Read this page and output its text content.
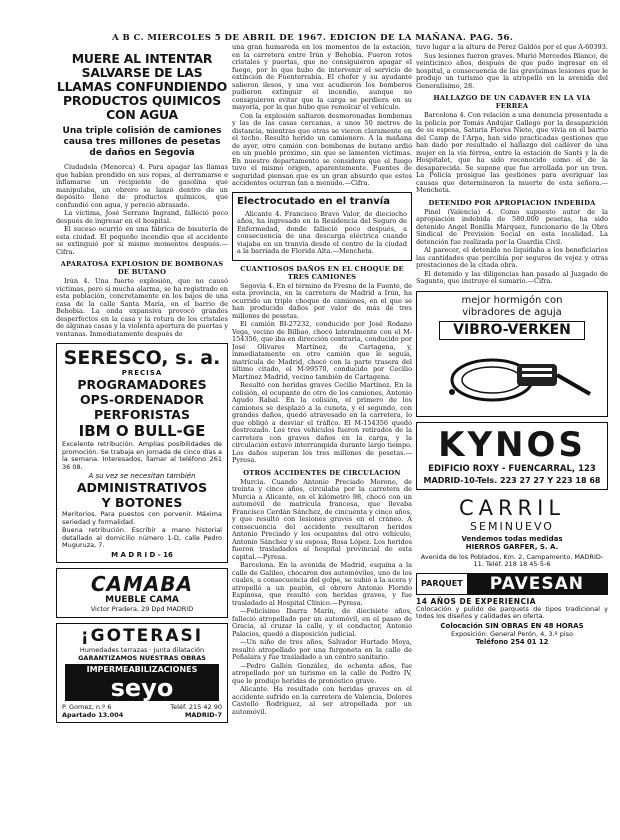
A B C. MIERCOLES 5 DE ABRIL DE 1967. EDICION DE LA MAÑANA. PAG. 56.
MUERE AL INTENTAR SALVARSE DE LAS LLAMAS CONFUNDIENDO PRODUCTOS QUIMICOS CON AGUA
Una triple colisión de camiones causa tres millones de pesetas de daños en Segovia

Ciudadela (Menorca) 4. Para apagar las llamas que habían prendido en sus ropas, al derramarse e inflamarse un recipiente de gasolina que manipulaba, un obrero se lanzó dentro de un depósito lleno de productos químicos, que confundió con agua, y pereció abrasado.

La víctima, José Serrano Ingrand, falleció poco después de ingresar en el hospital.

El suceso ocurrió en una fábrica de bisutería de esta ciudad. El pequeño incendio que el accidente se extinguió por sí mismo momentos después.—Cifra.

APARATOSA EXPLOSION DE BOMBONAS DE BUTANO

Irún 4. Una fuerte explosión, que no causó víctimas, pero sí mucha alarma, se ha registrado en esta población, concretamente en los bajos de una casa de la calle Santa María, en el barrio de Behobia. La onda expansiva provocó grandes desperfectos en la casa y la rotura de los cristales de algunas casas y la violenta apertura de puertas y ventanas. Inmediatamente después de

SERESCO, s. a.
PRECISA
PROGRAMADORES
OPS-ORDENADOR
PERFORISTAS
IBM O BULL-GE

Excelente retribución. Amplias posibilidades de promoción. Se trabaja en jornada de cinco días a la semana. Interesados, llamar al teléfono 261 36 08.

A su vez se necesitan también
ADMINISTRATIVOS
Y BOTONES

Meritorios. Para puestos con porvenir. Máxima seriedad y formalidad.

Buena retribución. Escribir a mano historial detallado al domicilio número 1-D, calle Pedro Muguruza, 7.

M A D R I D - 16
CAMABA
MUEBLE CAMA
Victor Pradera, 29 Dpd MADRID
¡GOTERASI
Humedades terrazas · Junta dilatación
GARANTIZAMOS NUESTRAS OBRAS
IMPERMEABILIZACIONES
seyo
P. Gomez, n.º 6	Teléf. 215 42 90
Apartado 13.004	MADRID-7

una gran humareda en los momentos de la estación, en la carretera entre Irún y Behobia. Fueron rotos cristales y puertas, que no consiguieron apagar el fuego, por lo que hubo de intervenir el servicio de extinción de Fuenterrabía. El chofer y su ayudante salieron ilesos, y una vez acudieron los bomberos pudieron extinguir el incendio, aunque no consiguieron evitar que la carga se perdiera en su mayoría, por la que hubo que remolcar el vehículo.

Con la explosión saltaron desmoronadas bombonas y las de las casas cercanas, a unos 50 metros de distancia, mientras que otras se vieron claramente en el techo. Resultó herido un camionero. A la mañana de ayer, otro camión con bombonas de butano ardió en un pueblo próximo, sin que se lamenten víctimas. En nuestro departamento se considera que el fuego tuvo el mismo origen, aparentemente. Fuentes de seguridad piensan que es un gran absurdo que estos accidentes ocurran tan a menudo.—Cifra.

Electrocutado en el tranvía

Alicante 4. Francisco Bravo Valor, de dieciocho años, ha ingresado en la Residencia del Seguro de Enfermedad, donde falleció poco después, a consecuencia de una descarga eléctrica cuando viajaba en un tranvía desde el centro de la ciudad a la barriada de Florida Alta.—Mencheta.

CUANTIOSOS DAÑOS EN EL CHOQUE DE TRES CAMIONES

Segovia 4. En el término de Fresno de la Fuente, de esta provincia, en la carretera de Madrid a Irún, ha ocurrido un triple choque de camiones, en el que se han producido daños por valor de más de tres millones de pesetas.

El camión BI-27232, conducido por José Rodano Vega, vecino de Bilbao, chocó lateralmente con el M-154356, que iba en dirección contraria, conducido por José Olivares Martínez, de Cartagena, y, inmediatamente en otro camión que le seguía, matrícula de Madrid, chocó con la parte trasera del último citado, el M-99570, conducido por Cecilio Martínez Madrid, vecino también de Cartagena.

Resultó con heridas graves Cecilio Martínez. En la colisión, el ocupante de otro de los camiones, Antonio Agudo Rabal. En la colisión, el primero de los camiones se desplazó a la cuneta, y el segundo, con grandes daños, quedó atravesado en la carretera, lo que obligó a desviar el tráfico. El M-154356 quedó destrozado. Los tres vehículos fueron retirados de la carretera con graves daños en la carga, y la circulación estuvo interrumpida durante largo tiempo. Los daños superan los tres millones de pesetas.—Pyresa.

OTROS ACCIDENTES DE CIRCULACION

Murcia. Cuando Antonio Preciado Moreno, de treinta y cinco años, circulaba por la carretera de Murcia a Alicante, en el kilómetro 98, chocó con un automóvil de matrícula francesa, que llevaba Francisco Cerdán Sánchez, de cincuenta y cinco años, y que resultó con lesiones graves en el cráneo. A consecuencia del accidente resultaron heridos Antonio Preciado y los ocupantes del otro vehículo, Antonio Sánchez y su esposa, Rosa López. Los heridos fueron trasladados al hospital provincial de esta capital.—Pyresa.

Barcelona. En la avenida de Madrid, esquina a la calle de Galileo, chocaron dos automóviles, uno de los cuales, a consecuencia del golpe, se subió a la acera y atropelló a un peatón, el obrero Antonio Florido Espinosa, que resultó con heridas graves, y fue trasladado al Hospital Clínico.—Pyresa.

—Felicísimo Ibarra Marín, de diecisiete años, falleció atropellado por un automóvil, en el paseo de Gracia, al cruzar la calle, y el conductor, Antonio Palacios, quedó a disposición judicial.

—Un niño de tres años, Salvador Hurtado Moya, resultó atropellado por una furgoneta en la calle de Peñalara y fue trasladado a un centro sanitario.

—Pedro Gallén González, de ochenta años, fue atropellado por un turismo en la calle de Pedro IV, que le produjo heridas de pronóstico grave.

Alicante. Ha resultado con heridas graves en el accidente sufrido en la carretera de Valencia, Dolores Castelló Rodríguez, al ser atropellada por un automóvil.

tuvo lugar a la altura de Pérez Galdós por el que A-60393.

Sus lesiones fueron graves. Murió Mercedes Blanco, de veinticinco años, después de que pudo ingresar en el hospital, a consecuencia de las gravísimas lesiones que le produjo un turismo que la atropelló en la avenida del Generalísimo, 28.

HALLAZGO DE UN CADAVER EN LA VIA FERREA

Barcelona 4. Con relación a una denuncia presentada a la policía por Tomás Andújar Gallego por la desaparición de su esposa, Saturia Flores Nieto, que vivía en el barrio del Camp de l'Arpa, han sido practicadas gestiones que han dado por resultado el hallazgo del cadáver de una mujer en la vía férrea, entre la estación de Sants y la de Hospitalet, que ha sido reconocido como el de la desaparecida. Se supone que fue arrollada por un tren. La Policía prosigue las gestiones para averiguar las causas que determinaron la muerte de esta señora.—Mencheta.

DETENIDO POR APROPIACION INDEBIDA

Pinel (Valencia) 4. Como supuesto autor de la apropiación indebida de 580.000 pesetas, ha sido detenido Angel Bonilla Márquez, funcionario de la Obra Sindical de Previsión Social en esta localidad. La detención fue realizada por la Guardia Civil.

Al parecer, el detenido no liquidaba a los beneficiarios las cantidades que percibía por seguros de vejez y otras prestaciones de la citada obra.

El detenido y las diligencias han pasado al Juzgado de Sagunto, que instruye el sumario.—Cifra.

mejor hormigón con
vibradores de aguja
VIBRO-VERKEN
KYNOS
EDIFICIO ROXY - FUENCARRAL, 123
MADRID-10-Tels. 223 27 27 Y 223 18 68
CARRIL
SEMINUEVO
Vendemos todas medidas
HIERROS GARFER, S. A.

Avenida de los Poblados, Km. 2, Campamento. MADRID-11. Teléf. 218 18 45-5-6

PARQUET	PAVESAN
14 AÑOS DE EXPERIENCIA

Colocación y pulido de parquets de tipos tradicional y todos los diseños y calidades en oferta.

Colocación SIN OBRAS EN 48 HORAS
Exposición: General Perón, 4, 3.º piso
Teléfono 254 01 12
